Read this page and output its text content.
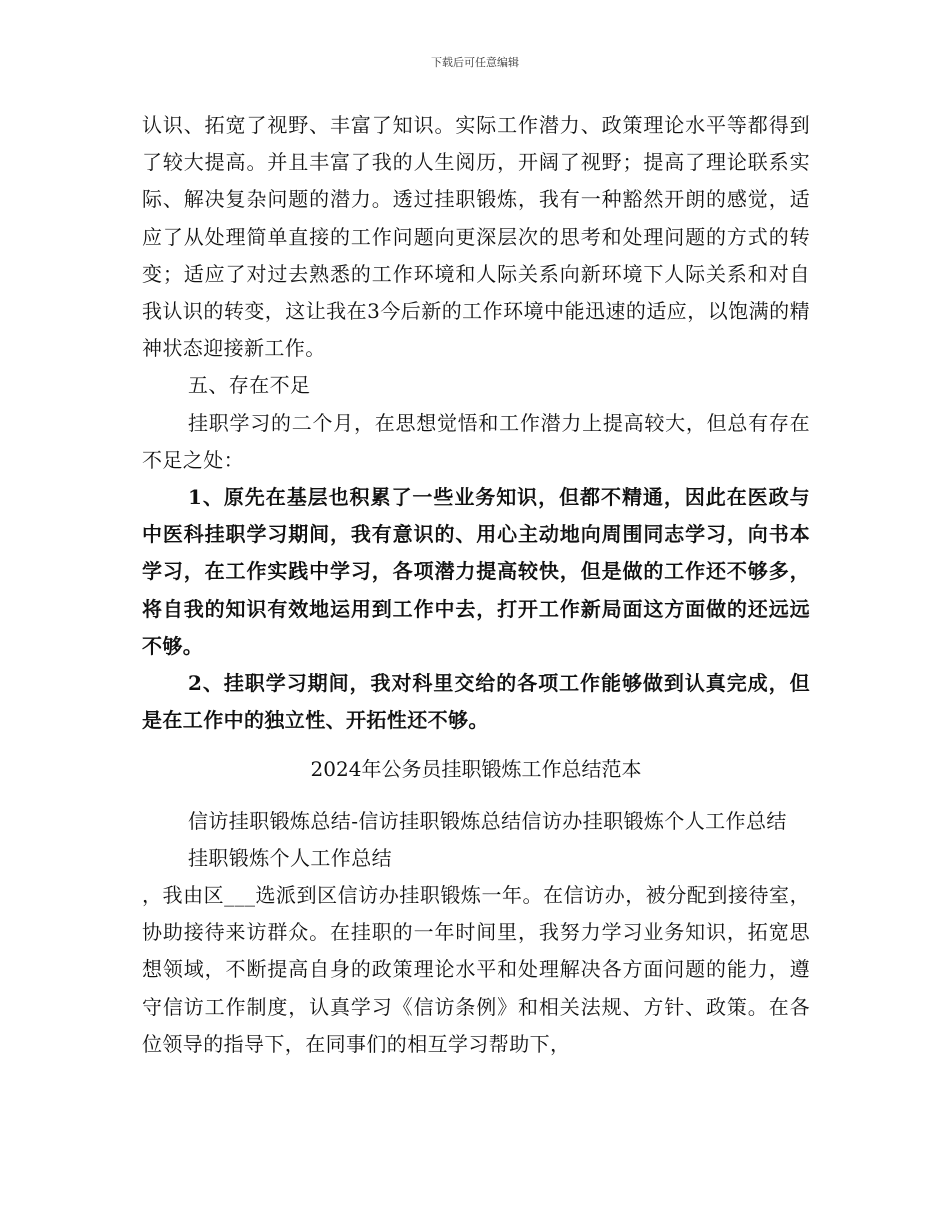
下载后可任意编辑

认识、拓宽了视野、丰富了知识。实际工作潜力、政策理论水平等都得到了较大提高。并且丰富了我的人生阅历，开阔了视野；提高了理论联系实际、解决复杂问题的潜力。透过挂职锻炼，我有一种豁然开朗的感觉，适应了从处理简单直接的工作问题向更深层次的思考和处理问题的方式的转变；适应了对过去熟悉的工作环境和人际关系向新环境下人际关系和对自我认识的转变，这让我在3今后新的工作环境中能迅速的适应，以饱满的精神状态迎接新工作。

五、存在不足

挂职学习的二个月，在思想觉悟和工作潜力上提高较大，但总有存在不足之处：

1、原先在基层也积累了一些业务知识，但都不精通，因此在医政与中医科挂职学习期间，我有意识的、用心主动地向周围同志学习，向书本学习，在工作实践中学习，各项潜力提高较快，但是做的工作还不够多，将自我的知识有效地运用到工作中去，打开工作新局面这方面做的还远远不够。

2、挂职学习期间，我对科里交给的各项工作能够做到认真完成，但是在工作中的独立性、开拓性还不够。

2024年公务员挂职锻炼工作总结范本

信访挂职锻炼总结-信访挂职锻炼总结信访办挂职锻炼个人工作总结

挂职锻炼个人工作总结

，我由区___选派到区信访办挂职锻炼一年。在信访办，被分配到接待室，协助接待来访群众。在挂职的一年时间里，我努力学习业务知识，拓宽思想领域，不断提高自身的政策理论水平和处理解决各方面问题的能力，遵守信访工作制度，认真学习《信访条例》和相关法规、方针、政策。在各位领导的指导下，在同事们的相互学习帮助下，
